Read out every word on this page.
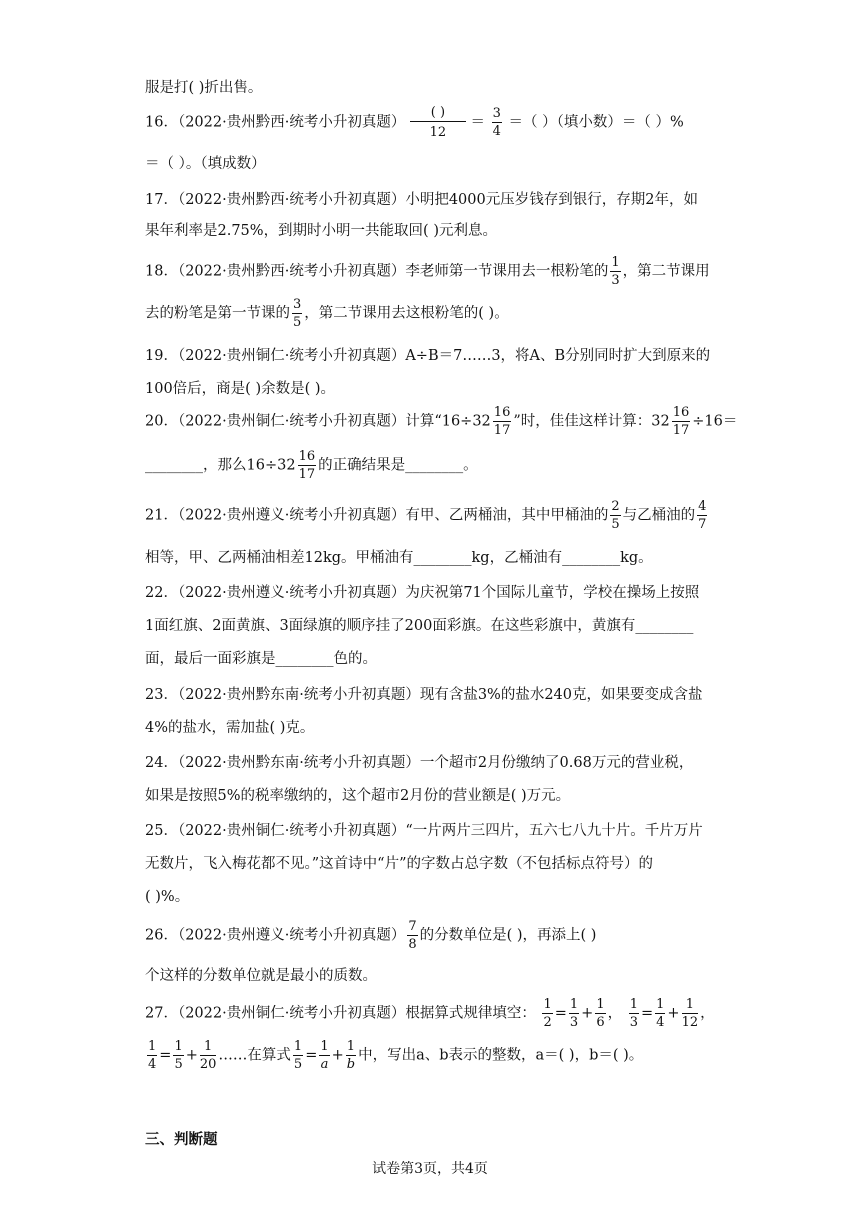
服是打( )折出售。
16．（2022·贵州黔西·统考小升初真题） $\frac{( )}{12} = \frac{3}{4}$ ＝（ ）（填小数）＝（ ）%
＝（ ）。（填成数）
17．（2022·贵州黔西·统考小升初真题）小明把4000元压岁钱存到银行，存期2年，如
果年利率是2.75%，到期时小明一共能取回( )元利息。
18．（2022·贵州黔西·统考小升初真题）李老师第一节课用去一根粉笔的 $\frac{1}{3}$ ，第二节课用
去的粉笔是第一节课的 $\frac{3}{5}$ ，第二节课用去这根粉笔的( )。
19．（2022·贵州铜仁·统考小升初真题）A÷B＝7……3，将A、B分别同时扩大到原来的
100倍后，商是( )余数是( )。
20．（2022·贵州铜仁·统考小升初真题）计算“$16\div 32 \frac{16}{17}$ ”时，佳佳这样计算：$32 \frac{16}{17} \div 16=$
________，那么$16\div 32 \frac{16}{17}$ 的正确结果是________。
21．（2022·贵州遵义·统考小升初真题）有甲、乙两桶油，其中甲桶油的 $\frac{2}{5}$ 与乙桶油的 $\frac{4}{7}$
相等，甲、乙两桶油相差12kg。甲桶油有________kg，乙桶油有________kg。
22．（2022·贵州遵义·统考小升初真题）为庆祝第71个国际儿童节，学校在操场上按照
1面红旗、2面黄旗、3面绿旗的顺序挂了200面彩旗。在这些彩旗中，黄旗有________
面，最后一面彩旗是________色的。
23．（2022·贵州黔东南·统考小升初真题）现有含盐3%的盐水240克，如果要变成含盐
4%的盐水，需加盐( )克。
24．（2022·贵州黔东南·统考小升初真题）一个超市2月份缴纳了0.68万元的营业税，
如果是按照5%的税率缴纳的，这个超市2月份的营业额是( )万元。
25．（2022·贵州铜仁·统考小升初真题）“一片两片三四片，五六七八九十片。千片万片
无数片，飞入梅花都不见。”这首诗中“片”的字数占总字数（不包括标点符号）的
( )%。
26．（2022·贵州遵义·统考小升初真题） $\frac{7}{8}$ 的分数单位是( )，再添上( )
个这样的分数单位就是最小的质数。
27．（2022·贵州铜仁·统考小升初真题）根据算式规律填空： $\frac{1}{2} = \frac{1}{3} + \frac{1}{6}$ ， $\frac{1}{3} = \frac{1}{4} + \frac{1}{12}$ ，
$\frac{1}{4} = \frac{1}{5} + \frac{1}{20}$ ……在算式 $\frac{1}{5} = \frac{1}{a} + \frac{1}{b}$ 中，写出a、b表示的整数，a＝( )，b＝( )。
三、判断题
试卷第3页，共4页
